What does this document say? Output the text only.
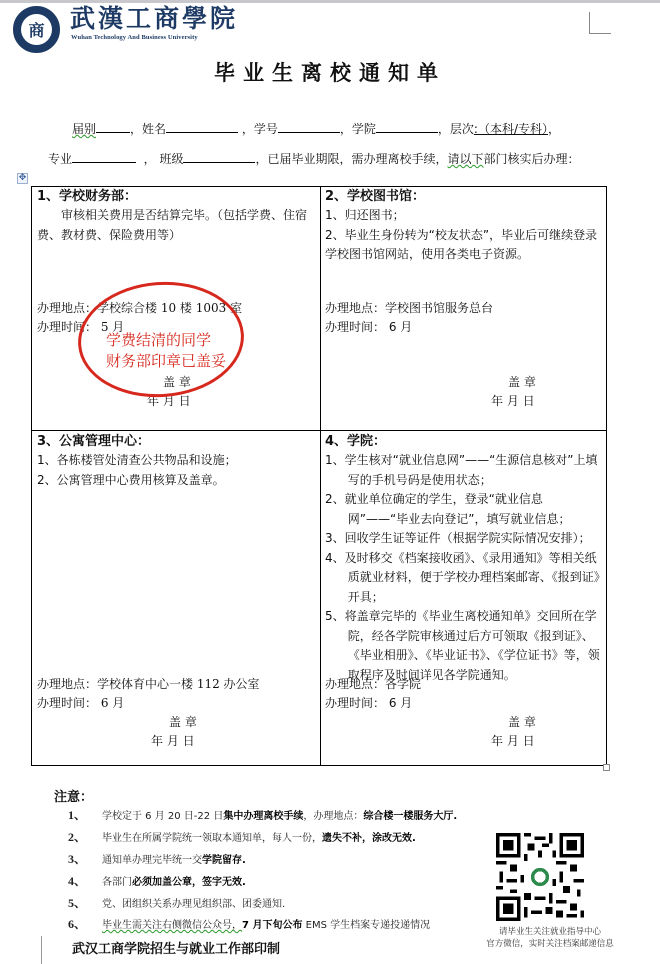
商	武漢工商學院
Wuhan Technology And Business University
毕业生离校通知单
届别	，姓名	，学号	，学院	，层次:（本科/专科），
专业	， 班级	，已届毕业期限，需办理离校手续，请以下部门核实后办理：
✥
1、学校财务部：
审核相关费用是否结算完毕。（包括学费、住宿费、教材费、保险费用等）
办理地点：学校综合楼 10 楼 1003 室
办理时间： 5 月
盖 章
年 月 日
2、学校图书馆：
1、归还图书；
2、毕业生身份转为“校友状态”，毕业后可继续登录学校图书馆网站，使用各类电子资源。
办理地点：学校图书馆服务总台
办理时间： 6 月
盖 章
年 月 日
3、公寓管理中心：
1、各栋楼管处清查公共物品和设施；
2、公寓管理中心费用核算及盖章。
办理地点：学校体育中心一楼 112 办公室
办理时间： 6 月
盖 章
年 月 日
4、学院：
1、学生核对“就业信息网”——“生源信息核对”上填写的手机号码是使用状态；
2、就业单位确定的学生，登录“就业信息网”——“毕业去向登记”，填写就业信息；
3、回收学生证等证件（根据学院实际情况安排）；
4、及时移交《档案接收函》、《录用通知》等相关纸质就业材料，便于学校办理档案邮寄、《报到证》开具；
5、将盖章完毕的《毕业生离校通知单》交回所在学院，经各学院审核通过后方可领取《报到证》、《毕业相册》、《毕业证书》、《学位证书》等，领取程序及时间详见各学院通知。
办理地点：各学院
办理时间： 6 月
盖 章
年 月 日
学费结清的同学
财务部印章已盖妥
注意：
1、 学校定于 6 月 20 日-22 日集中办理离校手续，办理地点：综合楼一楼服务大厅.
2、 毕业生在所属学院统一领取本通知单，每人一份，遗失不补，涂改无效.
3、 通知单办理完毕统一交学院留存.
4、 各部门必须加盖公章，签字无效.
5、 党、团组织关系办理见组织部、团委通知.
6、 毕业生需关注右侧微信公众号，7 月下旬公布 EMS 学生档案专递投递情况
武汉工商学院招生与就业工作部印制
请毕业生关注就业指导中心
官方微信，实时关注档案邮递信息
